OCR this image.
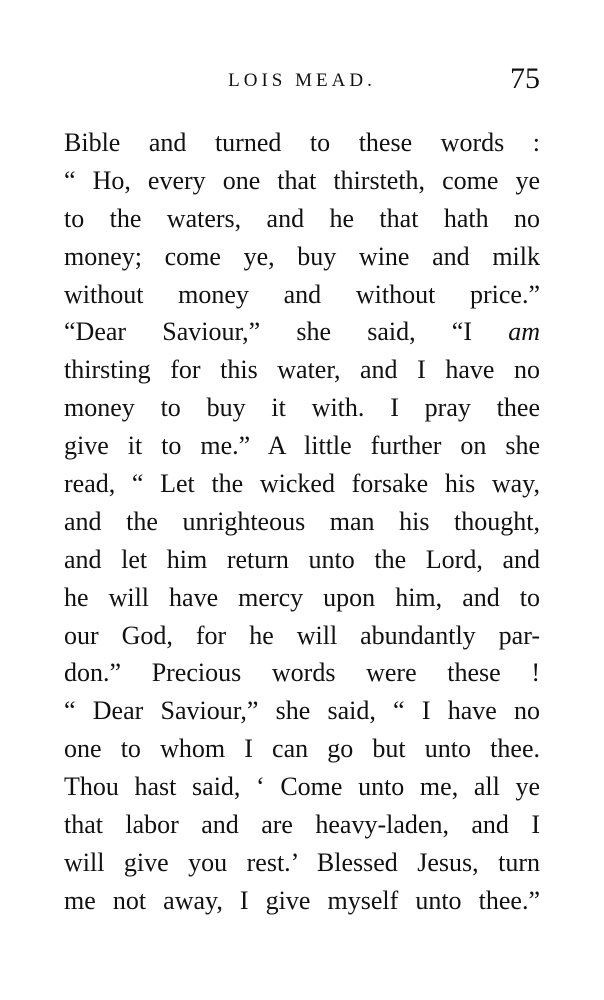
LOIS MEAD.	75
Bible and turned to these words :
“ Ho, every one that thirsteth, come ye
to the waters, and he that hath no
money; come ye, buy wine and milk
without money and without price.”
“Dear Saviour,” she said, “I am
thirsting for this water, and I have no
money to buy it with. I pray thee
give it to me.” A little further on she
read, “ Let the wicked forsake his way,
and the unrighteous man his thought,
and let him return unto the Lord, and
he will have mercy upon him, and to
our God, for he will abundantly par-
don.” Precious words were these !
“ Dear Saviour,” she said, “ I have no
one to whom I can go but unto thee.
Thou hast said, ‘ Come unto me, all ye
that labor and are heavy-laden, and I
will give you rest.’ Blessed Jesus, turn
me not away, I give myself unto thee.”
